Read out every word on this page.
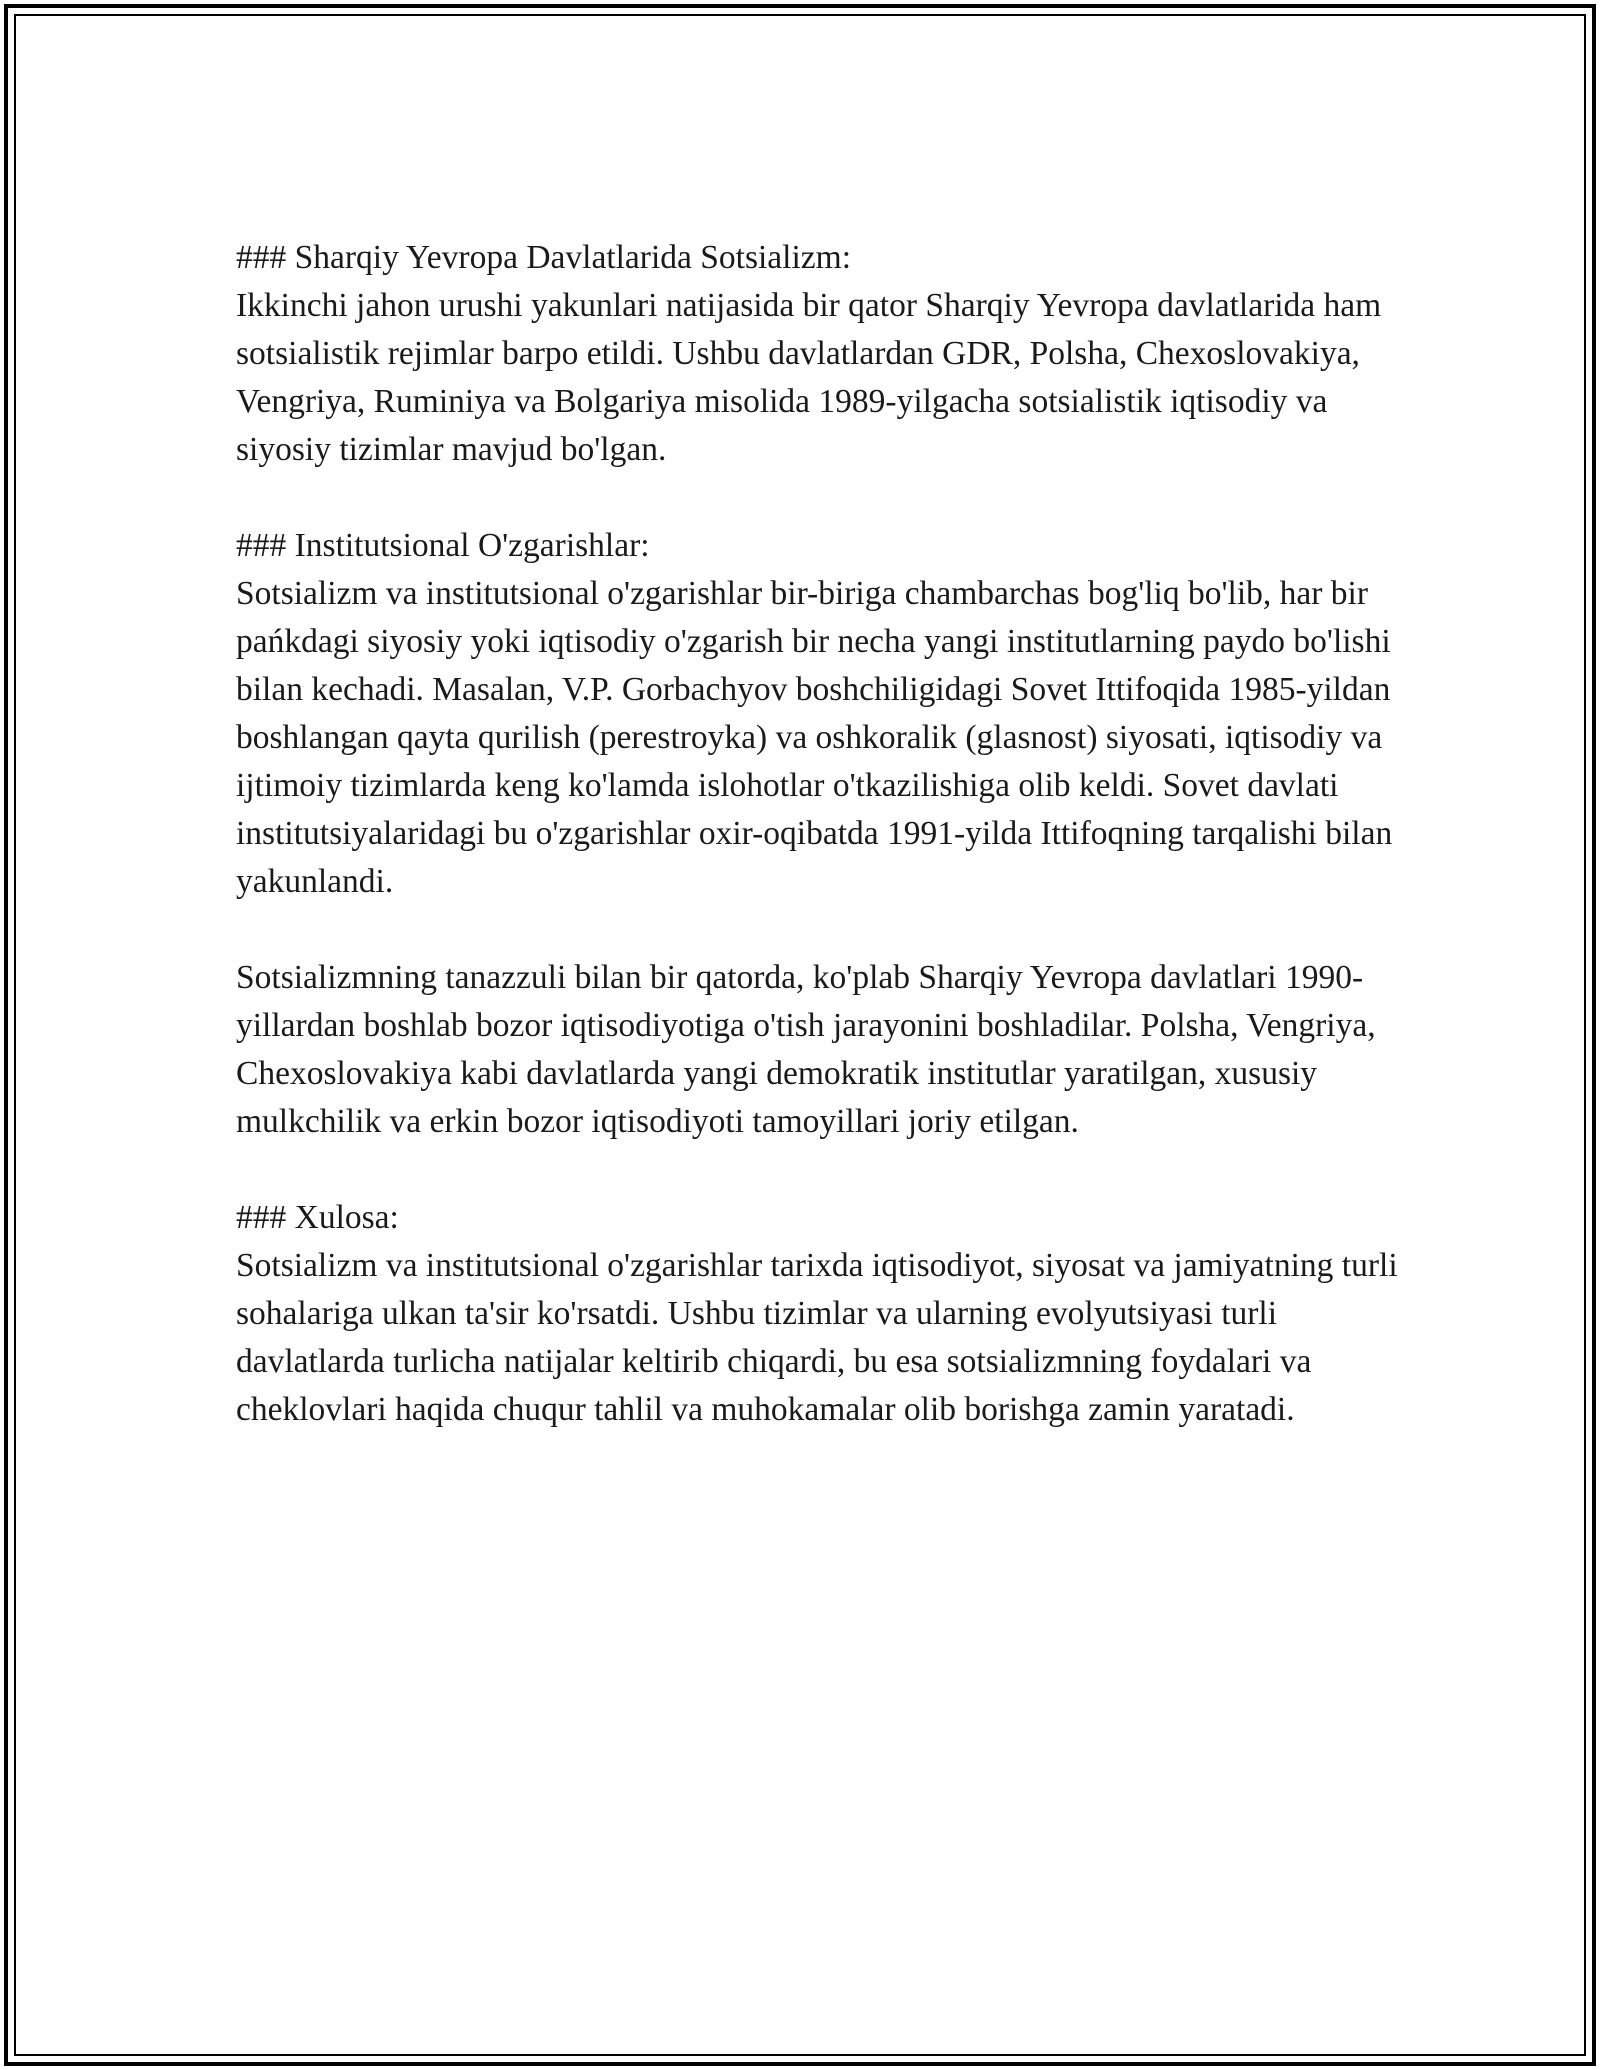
### Sharqiy Yevropa Davlatlarida Sotsializm:
Ikkinchi jahon urushi yakunlari natijasida bir qator Sharqiy Yevropa davlatlarida ham sotsialistik rejimlar barpo etildi. Ushbu davlatlardan GDR, Polsha, Chexoslovakiya, Vengriya, Ruminiya va Bolgariya misolida 1989-yilgacha sotsialistik iqtisodiy va siyosiy tizimlar mavjud bo'lgan.

### Institutsional O'zgarishlar:
Sotsializm va institutsional o'zgarishlar bir-biriga chambarchas bog'liq bo'lib, har bir pańkdagi siyosiy yoki iqtisodiy o'zgarish bir necha yangi institutlarning paydo bo'lishi bilan kechadi. Masalan, V.P. Gorbachyov boshchiligidagi Sovet Ittifoqida 1985-yildan boshlangan qayta qurilish (perestroyka) va oshkoralik (glasnost) siyosati, iqtisodiy va ijtimoiy tizimlarda keng ko'lamda islohotlar o'tkazilishiga olib keldi. Sovet davlati institutsiyalaridagi bu o'zgarishlar oxir-oqibatda 1991-yilda Ittifoqning tarqalishi bilan yakunlandi.

Sotsializmning tanazzuli bilan bir qatorda, ko'plab Sharqiy Yevropa davlatlari 1990-yillardan boshlab bozor iqtisodiyotiga o'tish jarayonini boshladilar. Polsha, Vengriya, Chexoslovakiya kabi davlatlarda yangi demokratik institutlar yaratilgan, xususiy mulkchilik va erkin bozor iqtisodiyoti tamoyillari joriy etilgan.

### Xulosa:
Sotsializm va institutsional o'zgarishlar tarixda iqtisodiyot, siyosat va jamiyatning turli sohalariga ulkan ta'sir ko'rsatdi. Ushbu tizimlar va ularning evolyutsiyasi turli davlatlarda turlicha natijalar keltirib chiqardi, bu esa sotsializmning foydalari va cheklovlari haqida chuqur tahlil va muhokamalar olib borishga zamin yaratadi.
